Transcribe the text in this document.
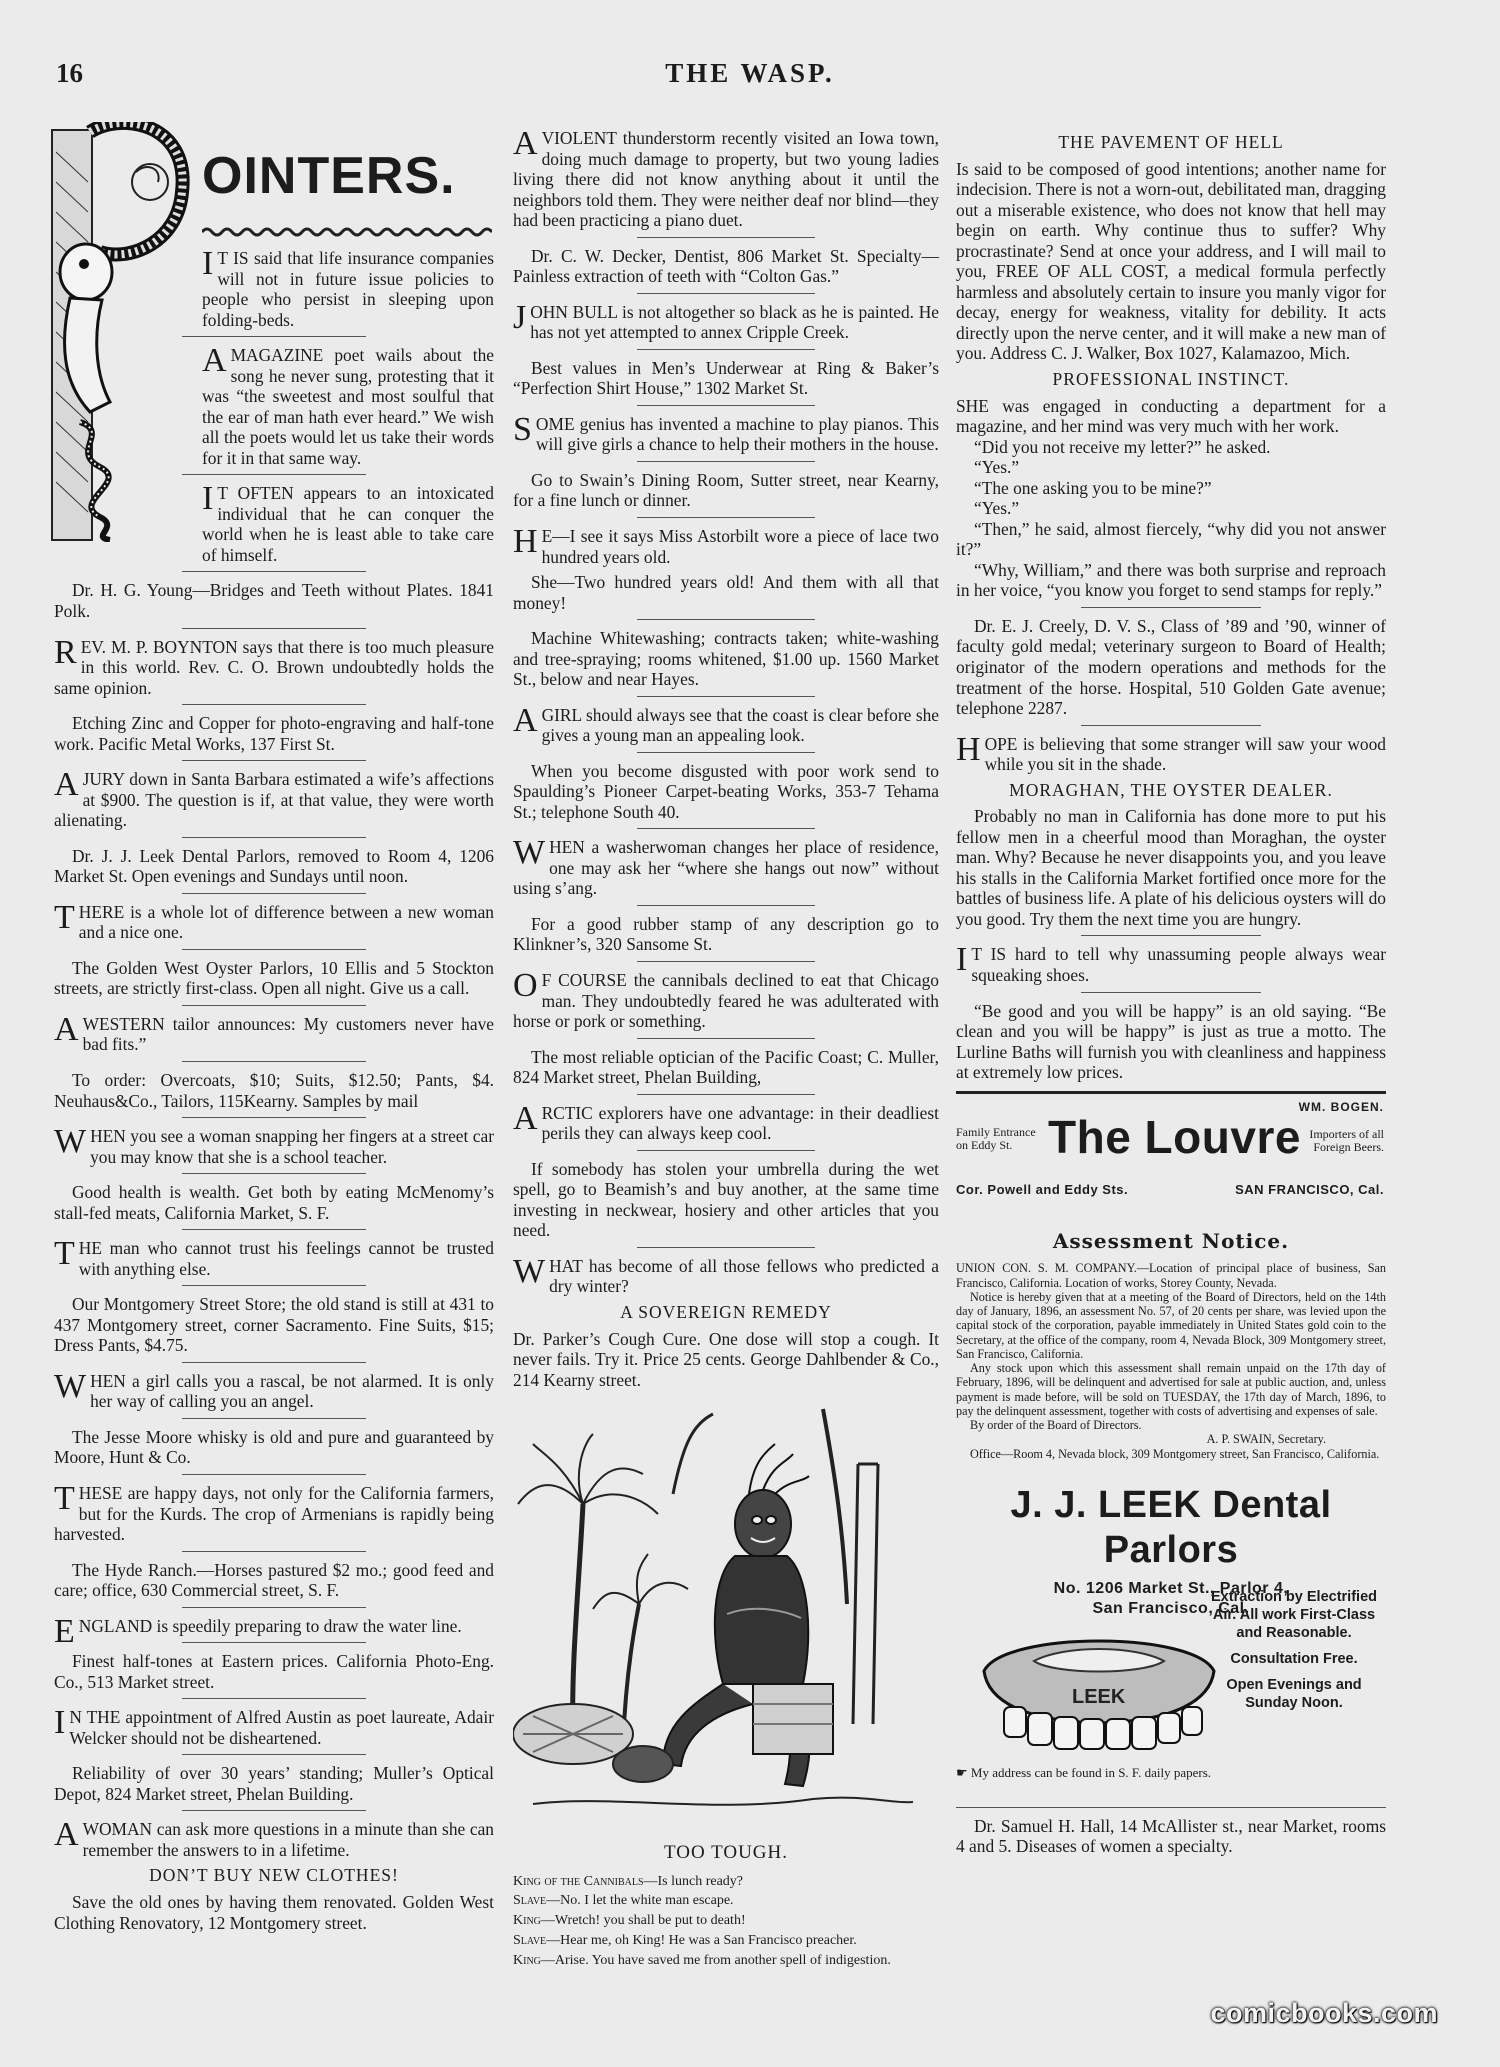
16	THE WASP.
OINTERS.

I T IS said that life insurance companies will not in future issue policies to people who persist in sleeping upon folding-beds.

A MAGAZINE poet wails about the song he never sung, protesting that it was “the sweetest and most soulful that the ear of man hath ever heard.” We wish all the poets would let us take their words for it in that same way.

I T OFTEN appears to an intoxicated individual that he can conquer the world when he is least able to take care of himself.

Dr. H. G. Young—Bridges and Teeth without Plates. 1841 Polk.

REV. M. P. BOYNTON says that there is too much pleasure in this world. Rev. C. O. Brown undoubtedly holds the same opinion.

Etching Zinc and Copper for photo-engraving and half-tone work. Pacific Metal Works, 137 First St.

A JURY down in Santa Barbara estimated a wife’s affections at $900. The question is if, at that value, they were worth alienating.

Dr. J. J. Leek Dental Parlors, removed to Room 4, 1206 Market St. Open evenings and Sundays until noon.

THERE is a whole lot of difference between a new woman and a nice one.

The Golden West Oyster Parlors, 10 Ellis and 5 Stockton streets, are strictly first-class. Open all night. Give us a call.

A WESTERN tailor announces: My customers never have bad fits.”

To order: Overcoats, $10; Suits, $12.50; Pants, $4. Neuhaus&Co., Tailors, 115Kearny. Samples by mail

WHEN you see a woman snapping her fingers at a street car you may know that she is a school teacher.

Good health is wealth. Get both by eating McMenomy’s stall-fed meats, California Market, S. F.

THE man who cannot trust his feelings cannot be trusted with anything else.

Our Montgomery Street Store; the old stand is still at 431 to 437 Montgomery street, corner Sacramento. Fine Suits, $15; Dress Pants, $4.75.

WHEN a girl calls you a rascal, be not alarmed. It is only her way of calling you an angel.

The Jesse Moore whisky is old and pure and guaranteed by Moore, Hunt & Co.

THESE are happy days, not only for the California farmers, but for the Kurds. The crop of Armenians is rapidly being harvested.

The Hyde Ranch.—Horses pastured $2 mo.; good feed and care; office, 630 Commercial street, S. F.

ENGLAND is speedily preparing to draw the water line.

Finest half-tones at Eastern prices. California Photo-Eng. Co., 513 Market street.

I N THE appointment of Alfred Austin as poet laureate, Adair Welcker should not be disheartened.

Reliability of over 30 years’ standing; Muller’s Optical Depot, 824 Market street, Phelan Building.

A WOMAN can ask more questions in a minute than she can remember the answers to in a lifetime.

DON’T BUY NEW CLOTHES!

Save the old ones by having them renovated. Golden West Clothing Renovatory, 12 Montgomery street.

A VIOLENT thunderstorm recently visited an Iowa town, doing much damage to property, but two young ladies living there did not know anything about it until the neighbors told them. They were neither deaf nor blind—they had been practicing a piano duet.

Dr. C. W. Decker, Dentist, 806 Market St. Specialty—Painless extraction of teeth with “Colton Gas.”

JOHN BULL is not altogether so black as he is painted. He has not yet attempted to annex Cripple Creek.

Best values in Men’s Underwear at Ring & Baker’s “Perfection Shirt House,” 1302 Market St.

SOME genius has invented a machine to play pianos. This will give girls a chance to help their mothers in the house.

Go to Swain’s Dining Room, Sutter street, near Kearny, for a fine lunch or dinner.

H E—I see it says Miss Astorbilt wore a piece of lace two hundred years old.

She—Two hundred years old! And them with all that money!

Machine Whitewashing; contracts taken; white-washing and tree-spraying; rooms whitened, $1.00 up. 1560 Market St., below and near Hayes.

A GIRL should always see that the coast is clear before she gives a young man an appealing look.

When you become disgusted with poor work send to Spaulding’s Pioneer Carpet-beating Works, 353-7 Tehama St.; telephone South 40.

WHEN a washerwoman changes her place of residence, one may ask her “where she hangs out now” without using s’ang.

For a good rubber stamp of any description go to Klinkner’s, 320 Sansome St.

O F COURSE the cannibals declined to eat that Chicago man. They undoubtedly feared he was adulterated with horse or pork or something.

The most reliable optician of the Pacific Coast; C. Muller, 824 Market street, Phelan Building,

ARCTIC explorers have one advantage: in their deadliest perils they can always keep cool.

If somebody has stolen your umbrella during the wet spell, go to Beamish’s and buy another, at the same time investing in neckwear, hosiery and other articles that you need.

WHAT has become of all those fellows who predicted a dry winter?

A SOVEREIGN REMEDY

Dr. Parker’s Cough Cure. One dose will stop a cough. It never fails. Try it. Price 25 cents. George Dahlbender & Co., 214 Kearny street.

TOO TOUGH.

King of the Cannibals—Is lunch ready?

Slave—No. I let the white man escape.

King—Wretch! you shall be put to death!

Slave—Hear me, oh King! He was a San Francisco preacher.

King—Arise. You have saved me from another spell of indigestion.

THE PAVEMENT OF HELL

Is said to be composed of good intentions; another name for indecision. There is not a worn-out, debilitated man, dragging out a miserable existence, who does not know that hell may begin on earth. Why continue thus to suffer? Why procrastinate? Send at once your address, and I will mail to you, FREE OF ALL COST, a medical formula perfectly harmless and absolutely certain to insure you manly vigor for decay, energy for weakness, vitality for debility. It acts directly upon the nerve center, and it will make a new man of you. Address C. J. Walker, Box 1027, Kalamazoo, Mich.

PROFESSIONAL INSTINCT.

SHE was engaged in conducting a department for a magazine, and her mind was very much with her work.

“Did you not receive my letter?” he asked.

“Yes.”

“The one asking you to be mine?”

“Yes.”

“Then,” he said, almost fiercely, “why did you not answer it?”

“Why, William,” and there was both surprise and reproach in her voice, “you know you forget to send stamps for reply.”

Dr. E. J. Creely, D. V. S., Class of ’89 and ’90, winner of faculty gold medal; veterinary surgeon to Board of Health; originator of the modern operations and methods for the treatment of the horse. Hospital, 510 Golden Gate avenue; telephone 2287.

HOPE is believing that some stranger will saw your wood while you sit in the shade.

MORAGHAN, THE OYSTER DEALER.

Probably no man in California has done more to put his fellow men in a cheerful mood than Moraghan, the oyster man. Why? Because he never disappoints you, and you leave his stalls in the California Market fortified once more for the battles of business life. A plate of his delicious oysters will do you good. Try them the next time you are hungry.

I T IS hard to tell why unassuming people always wear squeaking shoes.

“Be good and you will be happy” is an old saying. “Be clean and you will be happy” is just as true a motto. The Lurline Baths will furnish you with cleanliness and happiness at extremely low prices.

WM. BOGEN.
Family Entrance on Eddy St. The Louvre Importers of all Foreign Beers.
Cor. Powell and Eddy Sts.	SAN FRANCISCO, Cal.
Assessment Notice.

UNION CON. S. M. COMPANY.—Location of principal place of business, San Francisco, California. Location of works, Storey County, Nevada.

Notice is hereby given that at a meeting of the Board of Directors, held on the 14th day of January, 1896, an assessment No. 57, of 20 cents per share, was levied upon the capital stock of the corporation, payable immediately in United States gold coin to the Secretary, at the office of the company, room 4, Nevada Block, 309 Montgomery street, San Francisco, California.

Any stock upon which this assessment shall remain unpaid on the 17th day of February, 1896, will be delinquent and advertised for sale at public auction, and, unless payment is made before, will be sold on TUESDAY, the 17th day of March, 1896, to pay the delinquent assessment, together with costs of advertising and expenses of sale.

By order of the Board of Directors.

A. P. SWAIN, Secretary.

Office—Room 4, Nevada block, 309 Montgomery street, San Francisco, California.

J. J. LEEK Dental Parlors
No. 1206 Market St., Parlor 4,
San Francisco, Cal.
LEEK
Extraction by Electrified Air. All work First-Class and Reasonable.
Consultation Free.
Open Evenings and Sunday Noon.
☛ My address can be found in S. F. daily papers.

Dr. Samuel H. Hall, 14 McAllister st., near Market, rooms 4 and 5. Diseases of women a specialty.

comicbooks.com
